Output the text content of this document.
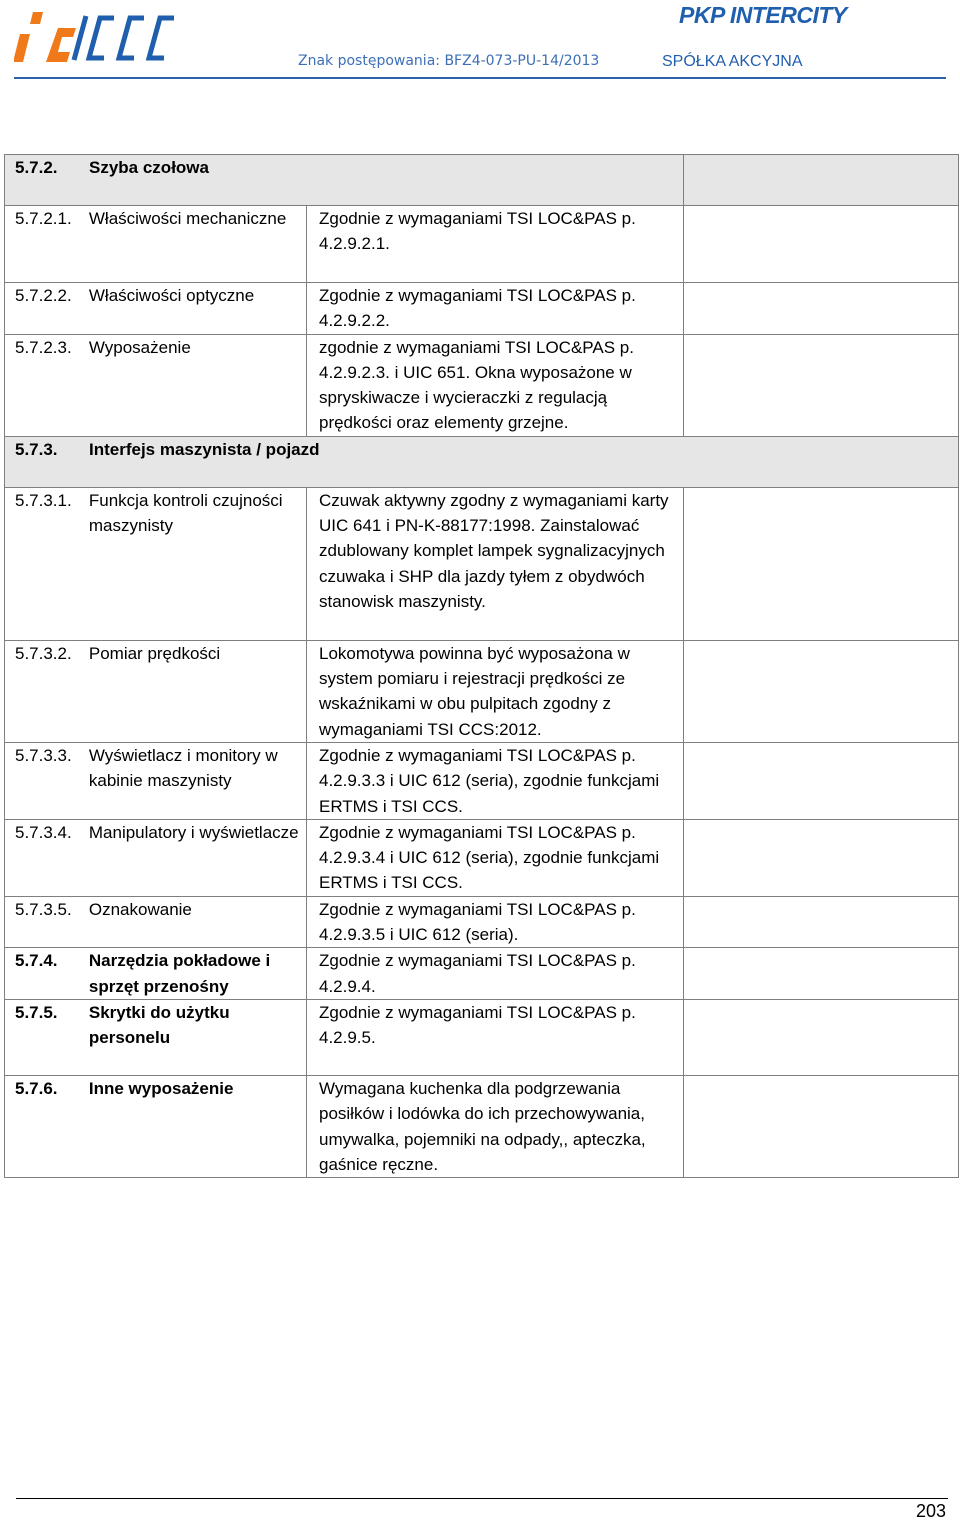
PKP INTERCITY
Znak postępowania: BFZ4-073-PU-14/2013	SPÓŁKA AKCYJNA
5.7.2. Szyba czołowa			
5.7.2.1.	Właściwości mechaniczne	Zgodnie z wymaganiami TSI LOC&PAS p. 4.2.9.2.1.	
5.7.2.2.	Właściwości optyczne	Zgodnie z wymaganiami TSI LOC&PAS p. 4.2.9.2.2.	
5.7.2.3.	Wyposażenie	zgodnie z wymaganiami TSI LOC&PAS p. 4.2.9.2.3. i UIC 651. Okna wyposażone w spryskiwacze i wycieraczki z regulacją prędkości oraz elementy grzejne.	
5.7.3. Interfejs maszynista / pojazd			
5.7.3.1.	Funkcja kontroli czujności maszynisty	Czuwak aktywny zgodny z wymaganiami karty UIC 641 i PN-K-88177:1998. Zainstalować zdublowany komplet lampek sygnalizacyjnych czuwaka i SHP dla jazdy tyłem z obydwóch stanowisk maszynisty.	
5.7.3.2.	Pomiar prędkości	Lokomotywa powinna być wyposażona w system pomiaru i rejestracji prędkości ze wskaźnikami w obu pulpitach zgodny z wymaganiami TSI CCS:2012.	
5.7.3.3.	Wyświetlacz i monitory w kabinie maszynisty	Zgodnie z wymaganiami TSI LOC&PAS p. 4.2.9.3.3 i UIC 612 (seria), zgodnie funkcjami ERTMS i TSI CCS.	
5.7.3.4.	Manipulatory i wyświetlacze	Zgodnie z wymaganiami TSI LOC&PAS p. 4.2.9.3.4 i UIC 612 (seria), zgodnie funkcjami ERTMS i TSI CCS.	
5.7.3.5.	Oznakowanie	Zgodnie z wymaganiami TSI LOC&PAS p. 4.2.9.3.5 i UIC 612 (seria).	
5.7.4.	Narzędzia pokładowe i sprzęt przenośny	Zgodnie z wymaganiami TSI LOC&PAS p. 4.2.9.4.	
5.7.5.	Skrytki do użytku personelu	Zgodnie z wymaganiami TSI LOC&PAS p. 4.2.9.5.	
5.7.6.	Inne wyposażenie	Wymagana kuchenka dla podgrzewania posiłków i lodówka do ich przechowywania, umywalka, pojemniki na odpady,, apteczka, gaśnice ręczne.	
203
